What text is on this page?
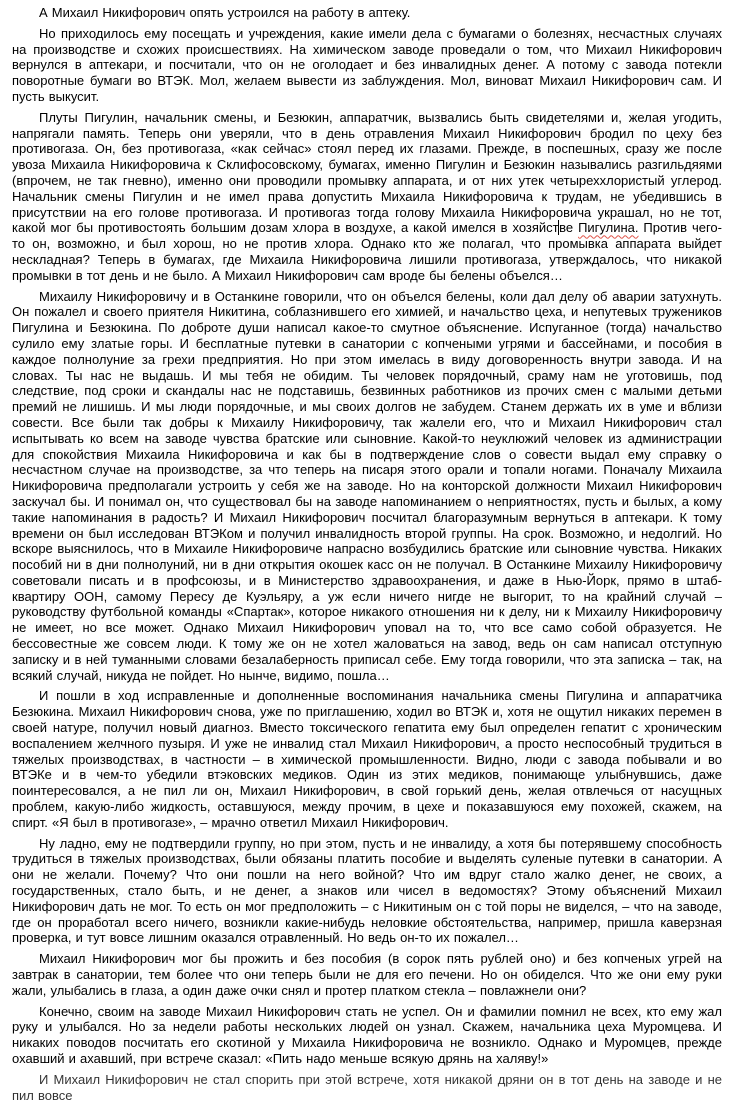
А Михаил Никифорович опять устроился на работу в аптеку.

Но приходилось ему посещать и учреждения, какие имели дела с бумагами о болезнях, несчастных случаях на производстве и схожих происшествиях. На химическом заводе проведали о том, что Михаил Никифорович вернулся в аптекари, и посчитали, что он не оголодает и без инвалидных денег. А потому с завода потекли поворотные бумаги во ВТЭК. Мол, желаем вывести из заблуждения. Мол, виноват Михаил Никифорович сам. И пусть выкусит.

Плуты Пигулин, начальник смены, и Безюкин, аппаратчик, вызвались быть свидетелями и, желая угодить, напрягали память. Теперь они уверяли, что в день отравления Михаил Никифорович бродил по цеху без противогаза. Он, без противогаза, «как сейчас» стоял перед их глазами. Прежде, в поспешных, сразу же после увоза Михаила Никифоровича к Склифосовскому, бумагах, именно Пигулин и Безюкин назывались разгильдяями (впрочем, не так гневно), именно они проводили промывку аппарата, и от них утек четыреххлористый углерод. Начальник смены Пигулин и не имел права допустить Михаила Никифоровича к трудам, не убедившись в присутствии на его голове противогаза. И противогаз тогда голову Михаила Никифоровича украшал, но не тот, какой мог бы противостоять большим дозам хлора в воздухе, а какой имелся в хозяйстве Пигулина. Против чего-то он, возможно, и был хорош, но не против хлора. Однако кто же полагал, что промывка аппарата выйдет нескладная? Теперь в бумагах, где Михаила Никифоровича лишили противогаза, утверждалось, что никакой промывки в тот день и не было. А Михаил Никифорович сам вроде бы белены объелся…

Михаилу Никифоровичу и в Останкине говорили, что он объелся белены, коли дал делу об аварии затухнуть. Он пожалел и своего приятеля Никитина, соблазнившего его химией, и начальство цеха, и непутевых тружеников Пигулина и Безюкина. По доброте души написал какое-то смутное объяснение. Испуганное (тогда) начальство сулило ему златые горы. И бесплатные путевки в санатории с копчеными угрями и бассейнами, и пособия в каждое полнолуние за грехи предприятия. Но при этом имелась в виду договоренность внутри завода. И на словах. Ты нас не выдашь. И мы тебя не обидим. Ты человек порядочный, сраму нам не уготовишь, под следствие, под сроки и скандалы нас не подставишь, безвинных работников из прочих смен с малыми детьми премий не лишишь. И мы люди порядочные, и мы своих долгов не забудем. Станем держать их в уме и вблизи совести. Все были так добры к Михаилу Никифоровичу, так жалели его, что и Михаил Никифорович стал испытывать ко всем на заводе чувства братские или сыновние. Какой-то неуклюжий человек из администрации для спокойствия Михаила Никифоровича и как бы в подтверждение слов о совести выдал ему справку о несчастном случае на производстве, за что теперь на писаря этого орали и топали ногами. Поначалу Михаила Никифоровича предполагали устроить у себя же на заводе. Но на конторской должности Михаил Никифорович заскучал бы. И понимал он, что существовал бы на заводе напоминанием о неприятностях, пусть и былых, а кому такие напоминания в радость? И Михаил Никифорович посчитал благоразумным вернуться в аптекари. К тому времени он был исследован ВТЭКом и получил инвалидность второй группы. На срок. Возможно, и недолгий. Но вскоре выяснилось, что в Михаиле Никифоровиче напрасно возбудились братские или сыновние чувства. Никаких пособий ни в дни полнолуний, ни в дни открытия окошек касс он не получал. В Останкине Михаилу Никифоровичу советовали писать и в профсоюзы, и в Министерство здравоохранения, и даже в Нью-Йорк, прямо в штаб-квартиру ООН, самому Пересу де Куэльяру, а уж если ничего нигде не выгорит, то на крайний случай – руководству футбольной команды «Спартак», которое никакого отношения ни к делу, ни к Михаилу Никифоровичу не имеет, но все может. Однако Михаил Никифорович уповал на то, что все само собой образуется. Не бессовестные же совсем люди. К тому же он не хотел жаловаться на завод, ведь он сам написал отступную записку и в ней туманными словами безалаберность приписал себе. Ему тогда говорили, что эта записка – так, на всякий случай, никуда не пойдет. Но нынче, видимо, пошла…

И пошли в ход исправленные и дополненные воспоминания начальника смены Пигулина и аппаратчика Безюкина. Михаил Никифорович снова, уже по приглашению, ходил во ВТЭК и, хотя не ощутил никаких перемен в своей натуре, получил новый диагноз. Вместо токсического гепатита ему был определен гепатит с хроническим воспалением желчного пузыря. И уже не инвалид стал Михаил Никифорович, а просто неспособный трудиться в тяжелых производствах, в частности – в химической промышленности. Видно, люди с завода побывали и во ВТЭКе и в чем-то убедили втэковских медиков. Один из этих медиков, понимающе улыбнувшись, даже поинтересовался, а не пил ли он, Михаил Никифорович, в свой горький день, желая отвлечься от насущных проблем, какую-либо жидкость, оставшуюся, между прочим, в цехе и показавшуюся ему похожей, скажем, на спирт. «Я был в противогазе», – мрачно ответил Михаил Никифорович.

Ну ладно, ему не подтвердили группу, но при этом, пусть и не инвалиду, а хотя бы потерявшему способность трудиться в тяжелых производствах, были обязаны платить пособие и выделять суленые путевки в санатории. А они не желали. Почему? Что они пошли на него войной? Что им вдруг стало жалко денег, не своих, а государственных, стало быть, и не денег, а знаков или чисел в ведомостях? Этому объяснений Михаил Никифорович дать не мог. То есть он мог предположить – с Никитиным он с той поры не виделся, – что на заводе, где он проработал всего ничего, возникли какие-нибудь неловкие обстоятельства, например, пришла каверзная проверка, и тут вовсе лишним оказался отравленный. Но ведь он-то их пожалел…

Михаил Никифорович мог бы прожить и без пособия (в сорок пять рублей оно) и без копченых угрей на завтрак в санатории, тем более что они теперь были не для его печени. Но он обиделся. Что же они ему руки жали, улыбались в глаза, а один даже очки снял и протер платком стекла – повлажнели они?

Конечно, своим на заводе Михаил Никифорович стать не успел. Он и фамилии помнил не всех, кто ему жал руку и улыбался. Но за недели работы нескольких людей он узнал. Скажем, начальника цеха Муромцева. И никаких поводов посчитать его скотиной у Михаила Никифоровича не возникло. Однако и Муромцев, прежде охавший и ахавший, при встрече сказал: «Пить надо меньше всякую дрянь на халяву!»

И Михаил Никифорович не стал спорить при этой встрече, хотя никакой дряни он в тот день на заводе и не пил вовсе
